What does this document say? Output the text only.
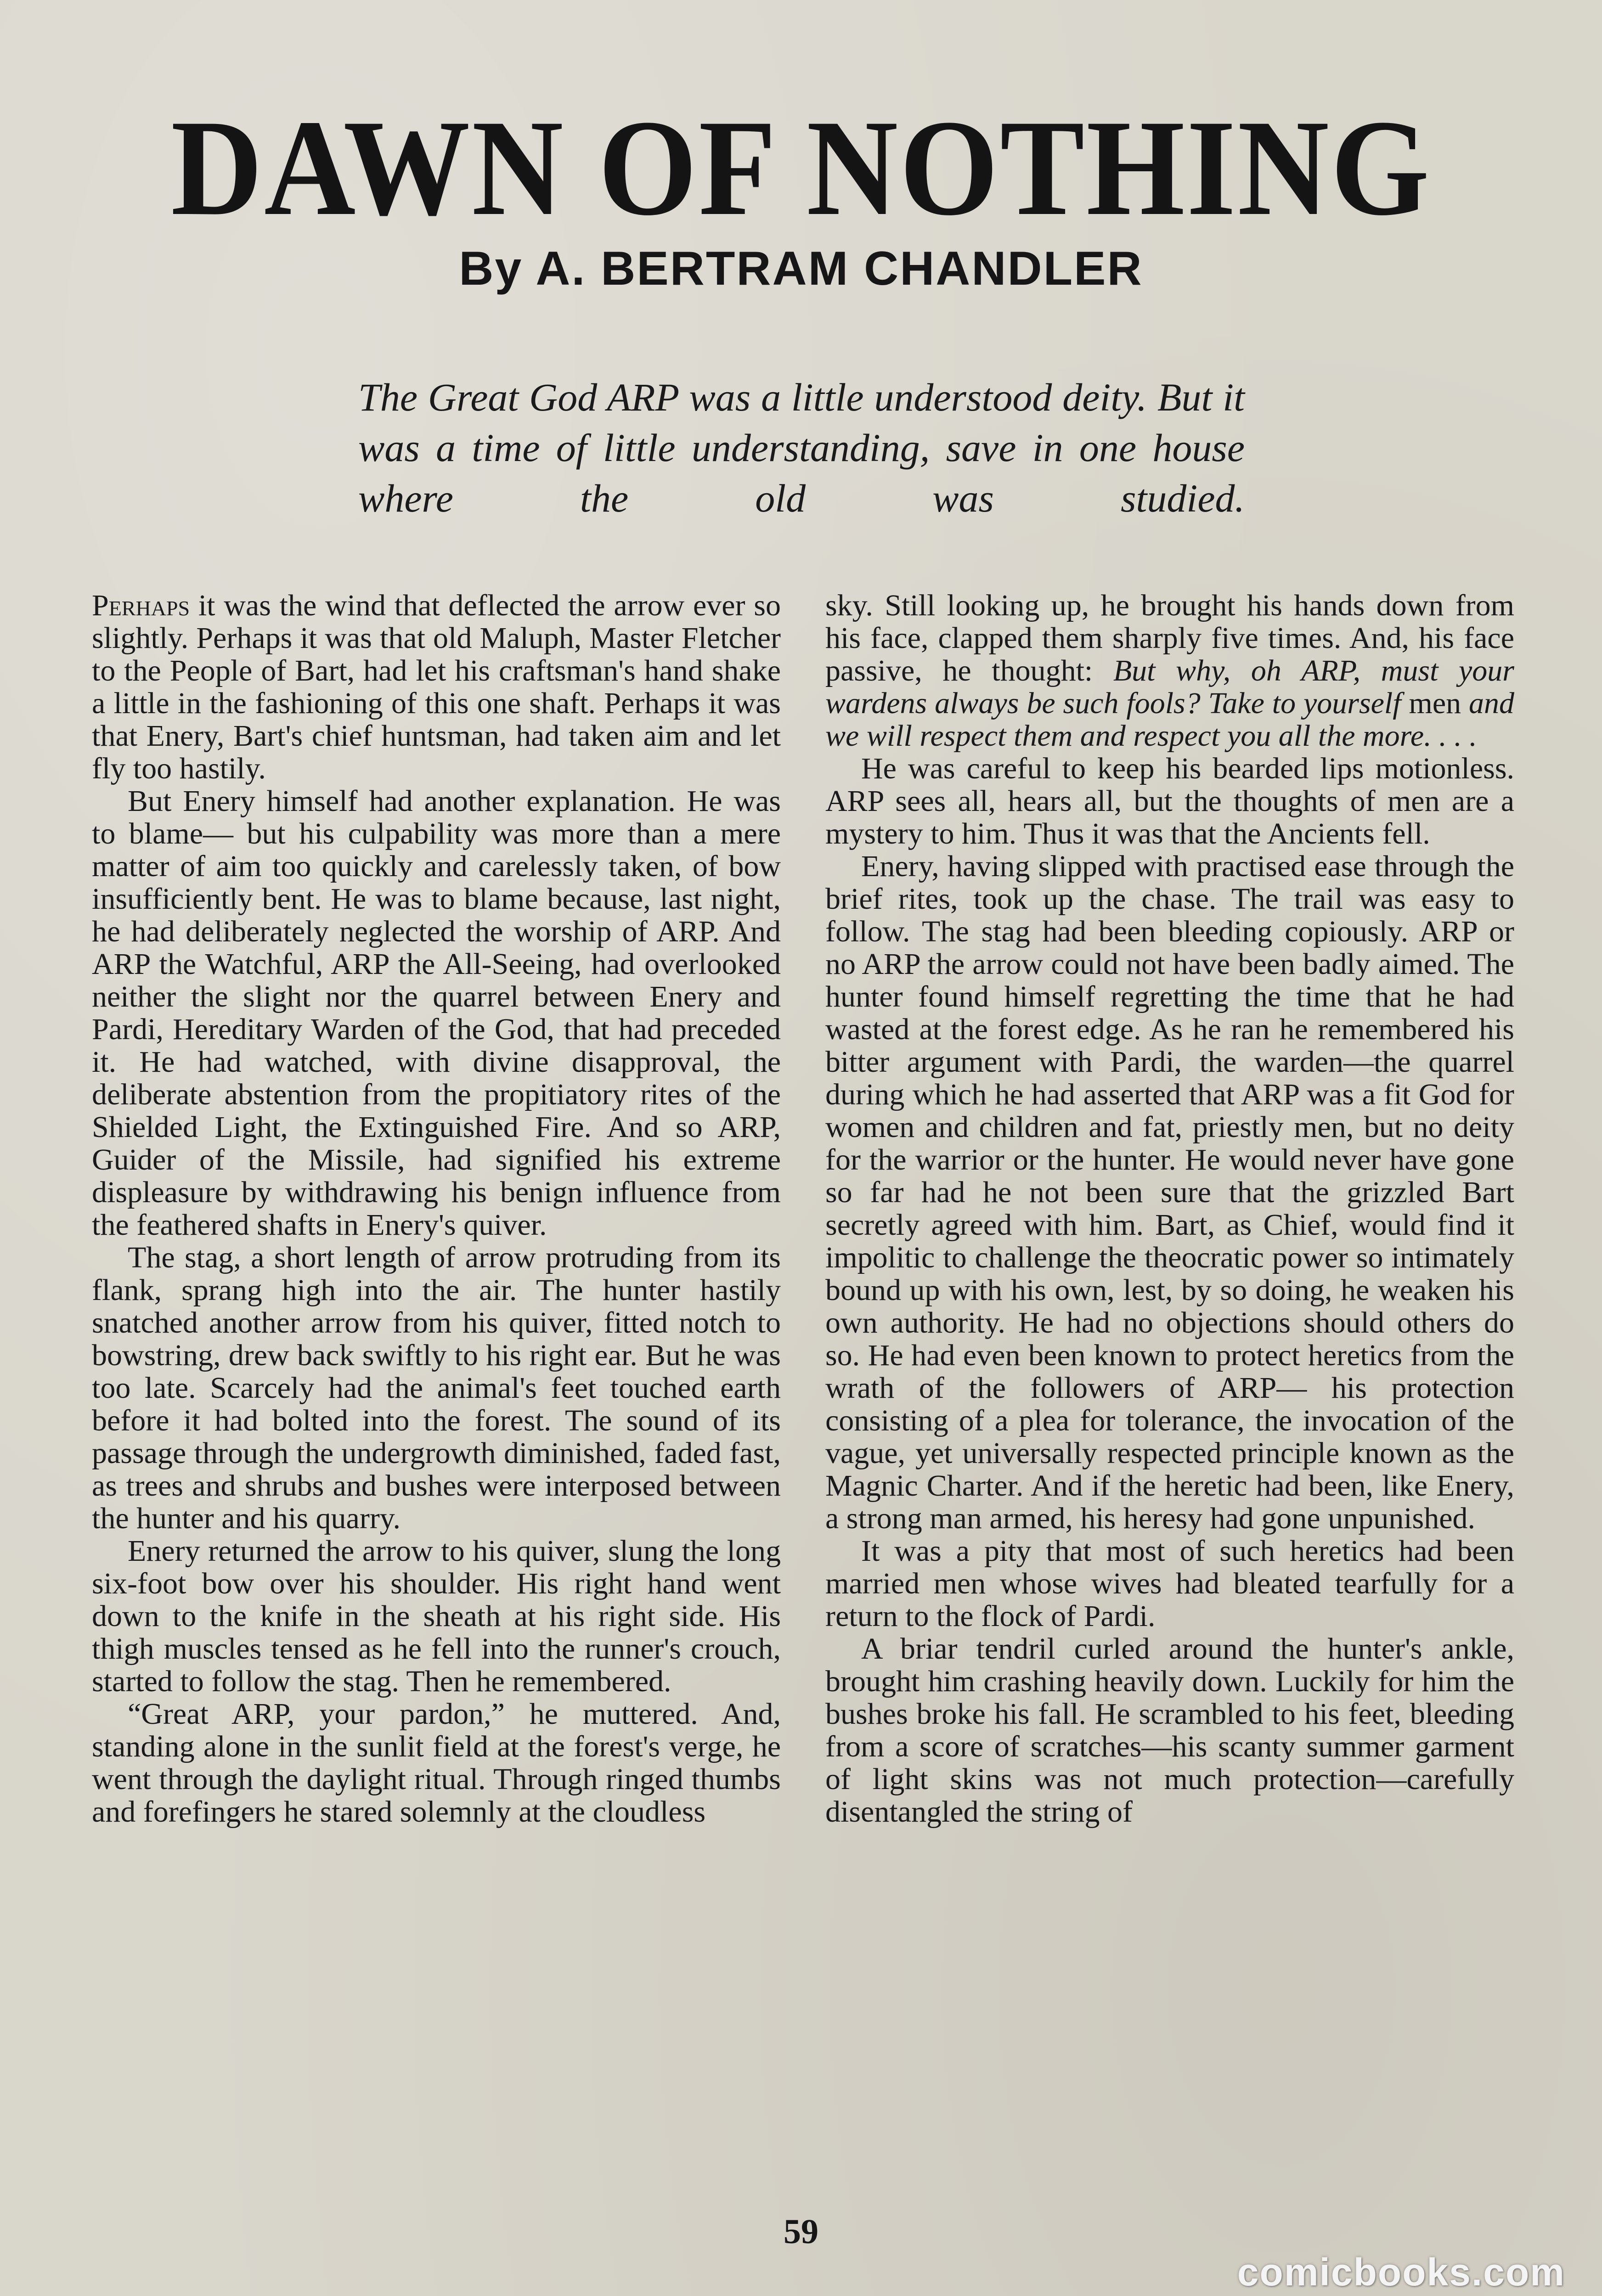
DAWN OF NOTHING
By A. BERTRAM CHANDLER

The Great God ARP was a little understood deity. But it was a time of little understanding, save in one house where the old was studied.

Perhaps it was the wind that deflected the arrow ever so slightly. Perhaps it was that old Maluph, Master Fletcher to the People of Bart, had let his craftsman's hand shake a little in the fashioning of this one shaft. Perhaps it was that Enery, Bart's chief huntsman, had taken aim and let fly too hastily.

But Enery himself had another explanation. He was to blame— but his culpability was more than a mere matter of aim too quickly and carelessly taken, of bow insufficiently bent. He was to blame because, last night, he had deliberately neglected the worship of ARP. And ARP the Watchful, ARP the All-Seeing, had overlooked neither the slight nor the quarrel between Enery and Pardi, Hereditary Warden of the God, that had preceded it. He had watched, with divine disapproval, the deliberate abstention from the propitiatory rites of the Shielded Light, the Extinguished Fire. And so ARP, Guider of the Missile, had signified his extreme displeasure by withdrawing his benign influence from the feathered shafts in Enery's quiver.

The stag, a short length of arrow protruding from its flank, sprang high into the air. The hunter hastily snatched another arrow from his quiver, fitted notch to bowstring, drew back swiftly to his right ear. But he was too late. Scarcely had the animal's feet touched earth before it had bolted into the forest. The sound of its passage through the undergrowth diminished, faded fast, as trees and shrubs and bushes were interposed between the hunter and his quarry.

Enery returned the arrow to his quiver, slung the long six-foot bow over his shoulder. His right hand went down to the knife in the sheath at his right side. His thigh muscles tensed as he fell into the runner's crouch, started to follow the stag. Then he remembered.

“Great ARP, your pardon,” he muttered. And, standing alone in the sunlit field at the forest's verge, he went through the daylight ritual. Through ringed thumbs and forefingers he stared solemnly at the cloudless

sky. Still looking up, he brought his hands down from his face, clapped them sharply five times. And, his face passive, he thought: But why, oh ARP, must your wardens always be such fools? Take to yourself men and we will respect them and respect you all the more. . . .

He was careful to keep his bearded lips motionless. ARP sees all, hears all, but the thoughts of men are a mystery to him. Thus it was that the Ancients fell.

Enery, having slipped with practised ease through the brief rites, took up the chase. The trail was easy to follow. The stag had been bleeding copiously. ARP or no ARP the arrow could not have been badly aimed. The hunter found himself regretting the time that he had wasted at the forest edge. As he ran he remembered his bitter argument with Pardi, the warden—the quarrel during which he had asserted that ARP was a fit God for women and children and fat, priestly men, but no deity for the warrior or the hunter. He would never have gone so far had he not been sure that the grizzled Bart secretly agreed with him. Bart, as Chief, would find it impolitic to challenge the theocratic power so intimately bound up with his own, lest, by so doing, he weaken his own authority. He had no objections should others do so. He had even been known to protect heretics from the wrath of the followers of ARP— his protection consisting of a plea for tolerance, the invocation of the vague, yet universally respected principle known as the Magnic Charter. And if the heretic had been, like Enery, a strong man armed, his heresy had gone unpunished.

It was a pity that most of such heretics had been married men whose wives had bleated tearfully for a return to the flock of Pardi.

A briar tendril curled around the hunter's ankle, brought him crashing heavily down. Luckily for him the bushes broke his fall. He scrambled to his feet, bleeding from a score of scratches—his scanty summer garment of light skins was not much protection—carefully disentangled the string of

59
comicbooks.com
